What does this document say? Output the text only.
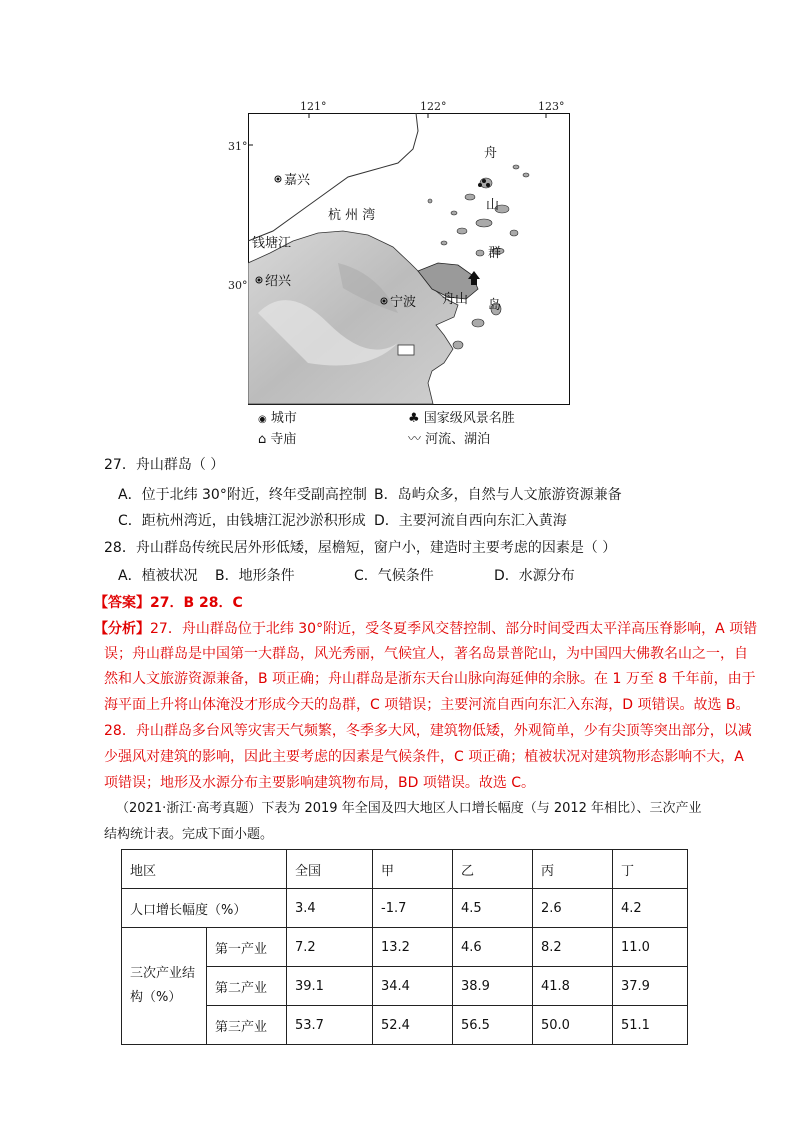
121°	122°	123°
31°
30°
嘉兴
杭 州 湾
钱塘江
绍兴
宁波
舟
山
群
岛
舟山
◉ 城市	♣ 国家级风景名胜
⌂ 寺庙	〰 河流、湖泊
27．舟山群岛（ ）
A．位于北纬 30°附近，终年受副高控制 B．岛屿众多，自然与人文旅游资源兼备
C．距杭州湾近，由钱塘江泥沙淤积形成 D．主要河流自西向东汇入黄海
28．舟山群岛传统民居外形低矮，屋檐短，窗户小，建造时主要考虑的因素是（ ）
A．植被状况 B．地形条件	C．气候条件	D．水源分布
【答案】27．B 28．C
【分析】27．舟山群岛位于北纬 30°附近，受冬夏季风交替控制、部分时间受西太平洋高压脊影响，A 项错
误；舟山群岛是中国第一大群岛，风光秀丽，气候宜人，著名岛景普陀山，为中国四大佛教名山之一，自
然和人文旅游资源兼备，B 项正确；舟山群岛是浙东天台山脉向海延伸的余脉。在 1 万至 8 千年前，由于
海平面上升将山体淹没才形成今天的岛群，C 项错误；主要河流自西向东汇入东海，D 项错误。故选 B。
28．舟山群岛多台风等灾害天气频繁，冬季多大风，建筑物低矮，外观简单，少有尖顶等突出部分，以减
少强风对建筑的影响，因此主要考虑的因素是气候条件，C 项正确；植被状况对建筑物形态影响不大，A
项错误；地形及水源分布主要影响建筑物布局，BD 项错误。故选 C。
（2021·浙江·高考真题）下表为 2019 年全国及四大地区人口增长幅度（与 2012 年相比）、三次产业
结构统计表。完成下面小题。
地区		全国	甲	乙	丙	丁
人口增长幅度（%）		3.4	-1.7	4.5	2.6	4.2
三次产业结
构（%）	第一产业	7.2	13.2	4.6	8.2	11.0
	第二产业	39.1	34.4	38.9	41.8	37.9
	第三产业	53.7	52.4	56.5	50.0	51.1
